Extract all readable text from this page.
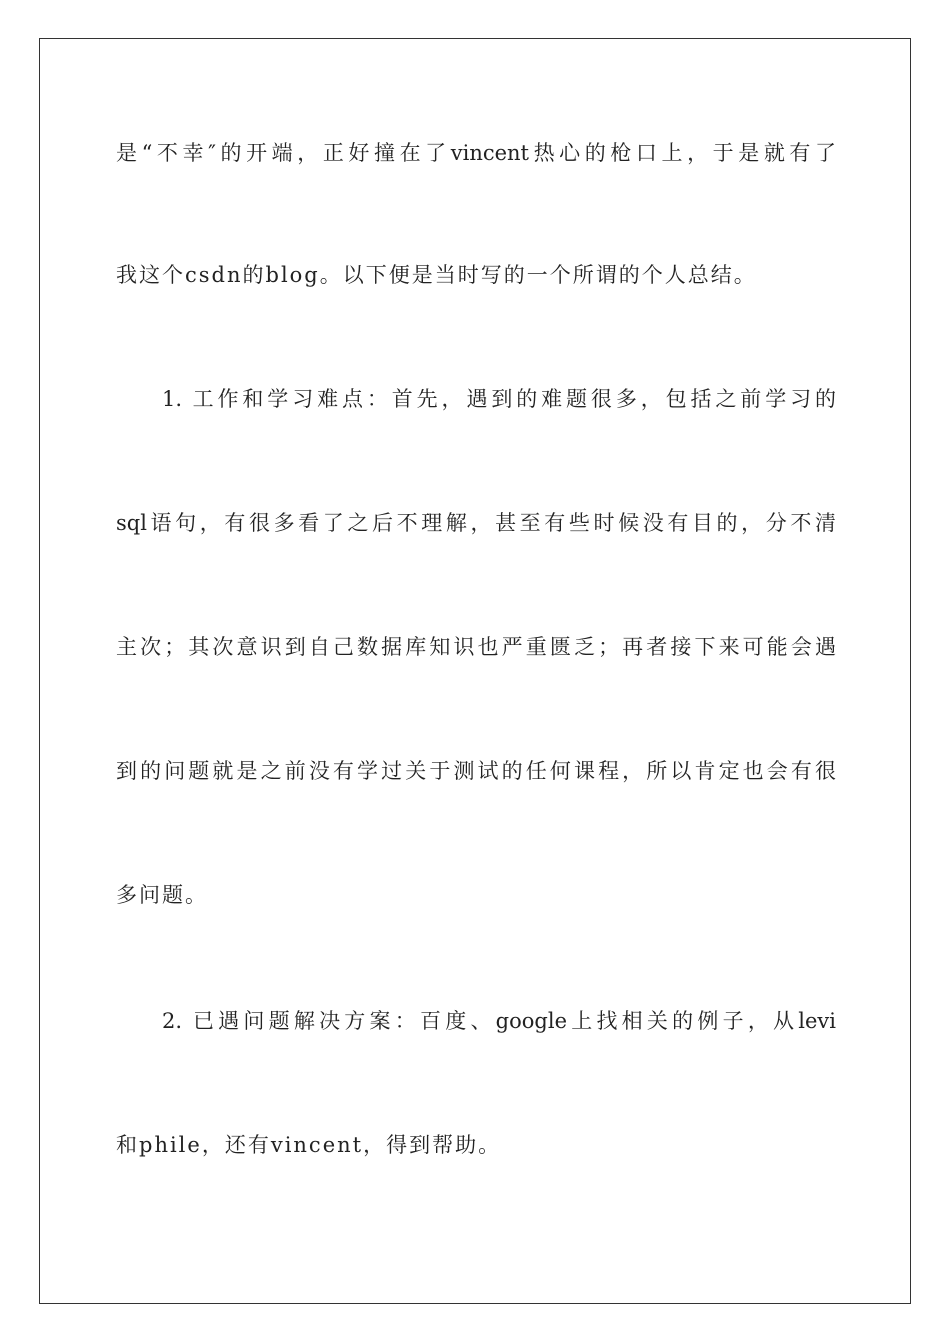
是“不幸″的开端，正好撞在了vincent热心的枪口上，于是就有了
我这个csdn的blog。以下便是当时写的一个所谓的个人总结。
1. 工作和学习难点：首先，遇到的难题很多，包括之前学习的
sql语句，有很多看了之后不理解，甚至有些时候没有目的，分不清
主次；其次意识到自己数据库知识也严重匮乏；再者接下来可能会遇
到的问题就是之前没有学过关于测试的任何课程，所以肯定也会有很
多问题。
2. 已遇问题解决方案：百度、google上找相关的例子，从levi
和phile，还有vincent，得到帮助。
